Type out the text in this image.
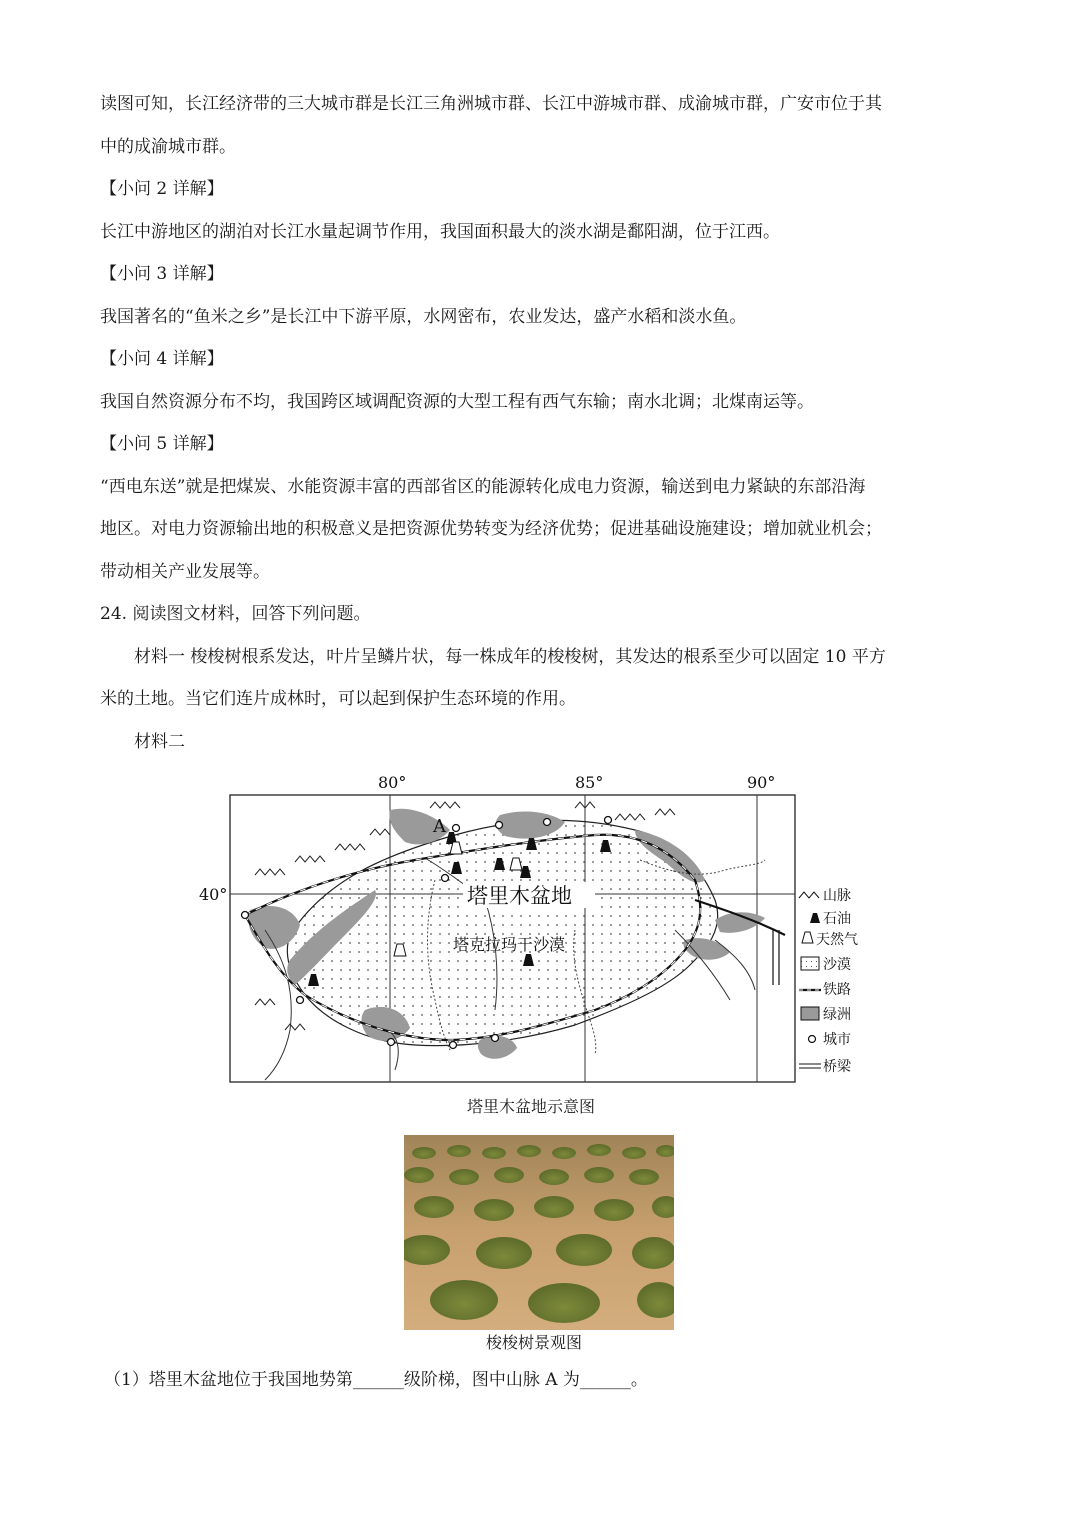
读图可知，长江经济带的三大城市群是长江三角洲城市群、长江中游城市群、成渝城市群，广安市位于其
中的成渝城市群。
【小问 2 详解】
长江中游地区的湖泊对长江水量起调节作用，我国面积最大的淡水湖是鄱阳湖，位于江西。
【小问 3 详解】
我国著名的“鱼米之乡”是长江中下游平原，水网密布，农业发达，盛产水稻和淡水鱼。
【小问 4 详解】
我国自然资源分布不均，我国跨区域调配资源的大型工程有西气东输；南水北调；北煤南运等。
【小问 5 详解】
“西电东送”就是把煤炭、水能资源丰富的西部省区的能源转化成电力资源，输送到电力紧缺的东部沿海
地区。对电力资源输出地的积极意义是把资源优势转变为经济优势；促进基础设施建设；增加就业机会；
带动相关产业发展等。
24. 阅读图文材料，回答下列问题。
材料一 梭梭树根系发达，叶片呈鳞片状，每一株成年的梭梭树，其发达的根系至少可以固定 10 平方
米的土地。当它们连片成林时，可以起到保护生态环境的作用。
材料二
80°	85°	90°
40°
A
塔里木盆地
塔克拉玛干沙漠
山脉
石油
天然气
沙漠
铁路
绿洲
城市
桥梁
塔里木盆地示意图
梭梭树景观图
（1）塔里木盆地位于我国地势第______级阶梯，图中山脉 A 为______。
